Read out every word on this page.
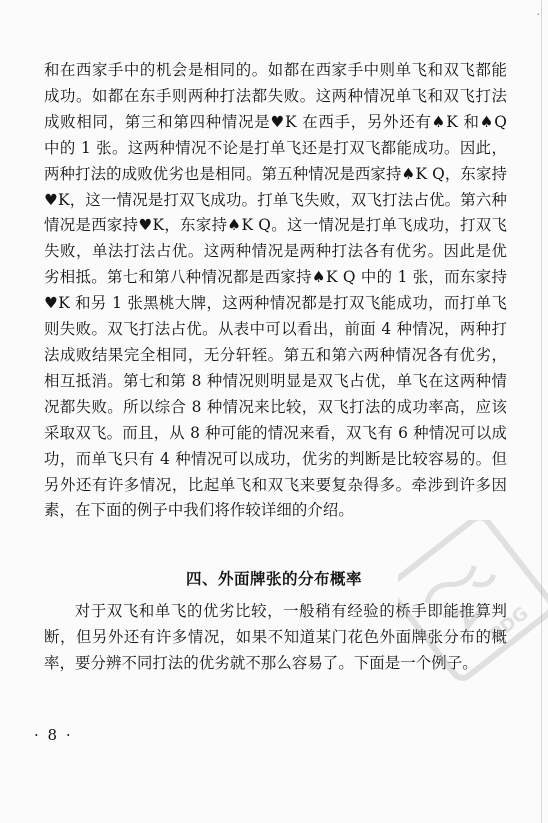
·

和在西家手中的机会是相同的。如都在西家手中则单飞和双飞都能成功。如都在东手则两种打法都失败。这两种情况单飞和双飞打法成败相同，第三和第四种情况是♥K 在西手，另外还有♠K 和♠Q 中的 1 张。这两种情况不论是打单飞还是打双飞都能成功。因此，两种打法的成败优劣也是相同。第五种情况是西家持♠K Q，东家持♥K，这一情况是打双飞成功。打单飞失败，双飞打法占优。第六种情况是西家持♥K，东家持♠K Q。这一情况是打单飞成功，打双飞失败，单法打法占优。这两种情况是两种打法各有优劣。因此是优劣相抵。第七和第八种情况都是西家持♠K Q 中的 1 张，而东家持♥K 和另 1 张黑桃大牌，这两种情况都是打双飞能成功，而打单飞则失败。双飞打法占优。从表中可以看出，前面 4 种情况，两种打法成败结果完全相同，无分轩轾。第五和第六两种情况各有优劣，相互抵消。第七和第 8 种情况则明显是双飞占优，单飞在这两种情况都失败。所以综合 8 种情况来比较，双飞打法的成功率高，应该采取双飞。而且，从 8 种可能的情况来看，双飞有 6 种情况可以成功，而单飞只有 4 种情况可以成功，优劣的判断是比较容易的。但另外还有许多情况，比起单飞和双飞来要复杂得多。牵涉到许多因素，在下面的例子中我们将作较详细的介绍。

四、外面牌张的分布概率

对于双飞和单飞的优劣比较，一般稍有经验的桥手即能推算判断，但另外还有许多情况，如果不知道某门花色外面牌张分布的概率，要分辨不同打法的优劣就不那么容易了。下面是一个例子。

PDG
· 8 ·
